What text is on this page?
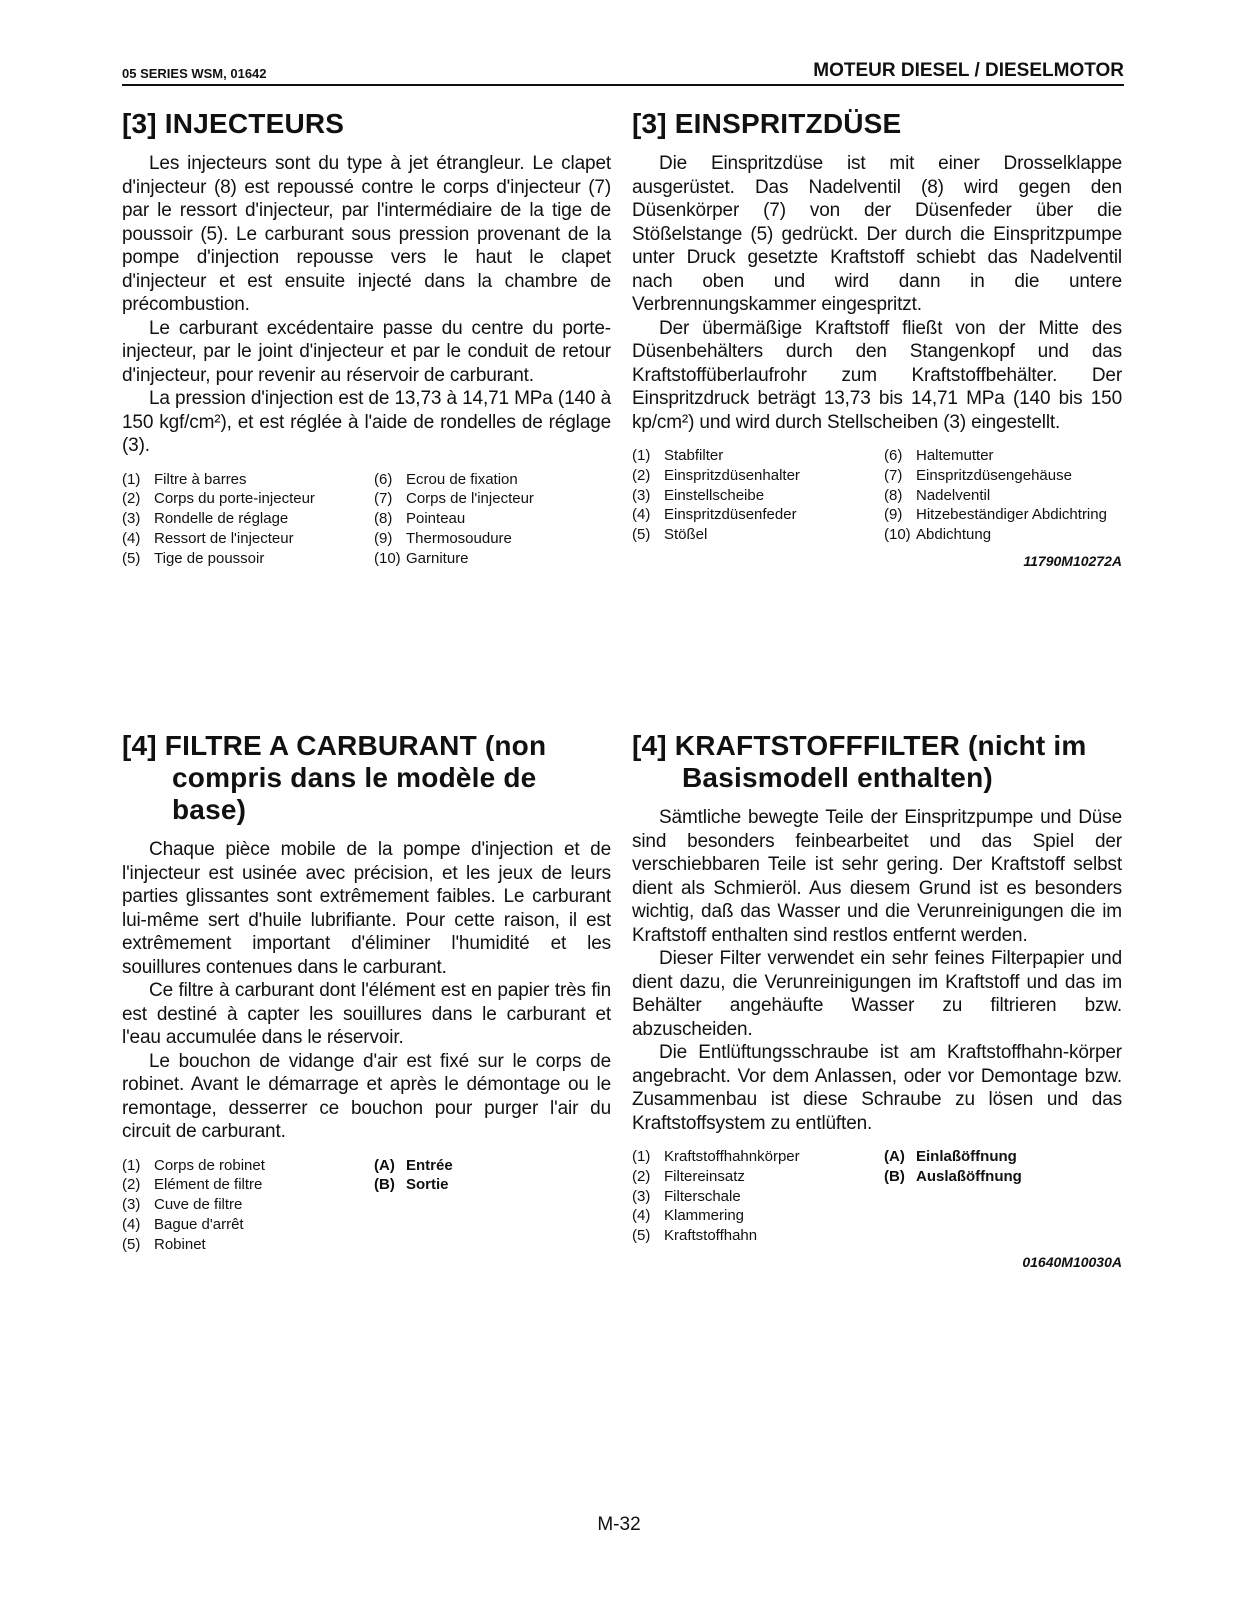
05 SERIES WSM, 01642	MOTEUR DIESEL / DIESELMOTOR
[3] INJECTEURS

Les injecteurs sont du type à jet étrangleur. Le clapet d'injecteur (8) est repoussé contre le corps d'injecteur (7) par le ressort d'injecteur, par l'intermédiaire de la tige de poussoir (5). Le carburant sous pression provenant de la pompe d'injection repousse vers le haut le clapet d'injecteur et est ensuite injecté dans la chambre de précombustion.

Le carburant excédentaire passe du centre du porte-injecteur, par le joint d'injecteur et par le conduit de retour d'injecteur, pour revenir au réservoir de carburant.

La pression d'injection est de 13,73 à 14,71 MPa (140 à 150 kgf/cm²), et est réglée à l'aide de rondelles de réglage (3).

(1) Filtre à barres	(6) Ecrou de fixation
(2) Corps du porte-injecteur	(7) Corps de l'injecteur
(3) Rondelle de réglage	(8) Pointeau
(4) Ressort de l'injecteur	(9) Thermosoudure
(5) Tige de poussoir	(10) Garniture
[3] EINSPRITZDÜSE

Die Einspritzdüse ist mit einer Drosselklappe ausgerüstet. Das Nadelventil (8) wird gegen den Düsenkörper (7) von der Düsenfeder über die Stößelstange (5) gedrückt. Der durch die Einspritzpumpe unter Druck gesetzte Kraftstoff schiebt das Nadelventil nach oben und wird dann in die untere Verbrennungskammer eingespritzt.

Der übermäßige Kraftstoff fließt von der Mitte des Düsenbehälters durch den Stangenkopf und das Kraftstoffüberlaufrohr zum Kraftstoffbehälter. Der Einspritzdruck beträgt 13,73 bis 14,71 MPa (140 bis 150 kp/cm²) und wird durch Stellscheiben (3) eingestellt.

(1) Stabfilter	(6) Haltemutter
(2) Einspritzdüsenhalter	(7) Einspritzdüsengehäuse
(3) Einstellscheibe	(8) Nadelventil
(4) Einspritzdüsenfeder	(9) Hitzebeständiger Abdichtring
(5) Stößel	(10) Abdichtung
11790M10272A
[4] FILTRE A CARBURANT (non compris dans le modèle de base)

Chaque pièce mobile de la pompe d'injection et de l'injecteur est usinée avec précision, et les jeux de leurs parties glissantes sont extrêmement faibles. Le carburant lui-même sert d'huile lubrifiante. Pour cette raison, il est extrêmement important d'éliminer l'humidité et les souillures contenues dans le carburant.

Ce filtre à carburant dont l'élément est en papier très fin est destiné à capter les souillures dans le carburant et l'eau accumulée dans le réservoir.

Le bouchon de vidange d'air est fixé sur le corps de robinet. Avant le démarrage et après le démontage ou le remontage, desserrer ce bouchon pour purger l'air du circuit de carburant.

(1) Corps de robinet	(A) Entrée
(2) Elément de filtre	(B) Sortie
(3) Cuve de filtre
(4) Bague d'arrêt
(5) Robinet
[4] KRAFTSTOFFFILTER (nicht im Basismodell enthalten)

Sämtliche bewegte Teile der Einspritzpumpe und Düse sind besonders feinbearbeitet und das Spiel der verschiebbaren Teile ist sehr gering. Der Kraftstoff selbst dient als Schmieröl. Aus diesem Grund ist es besonders wichtig, daß das Wasser und die Verunreinigungen die im Kraftstoff enthalten sind restlos entfernt werden.

Dieser Filter verwendet ein sehr feines Filterpapier und dient dazu, die Verunreinigungen im Kraftstoff und das im Behälter angehäufte Wasser zu filtrieren bzw. abzuscheiden.

Die Entlüftungsschraube ist am Kraftstoffhahn-körper angebracht. Vor dem Anlassen, oder vor Demontage bzw. Zusammenbau ist diese Schraube zu lösen und das Kraftstoffsystem zu entlüften.

(1) Kraftstoffhahnkörper	(A) Einlaßöffnung
(2) Filtereinsatz	(B) Auslaßöffnung
(3) Filterschale
(4) Klammering
(5) Kraftstoffhahn
01640M10030A
M-32
